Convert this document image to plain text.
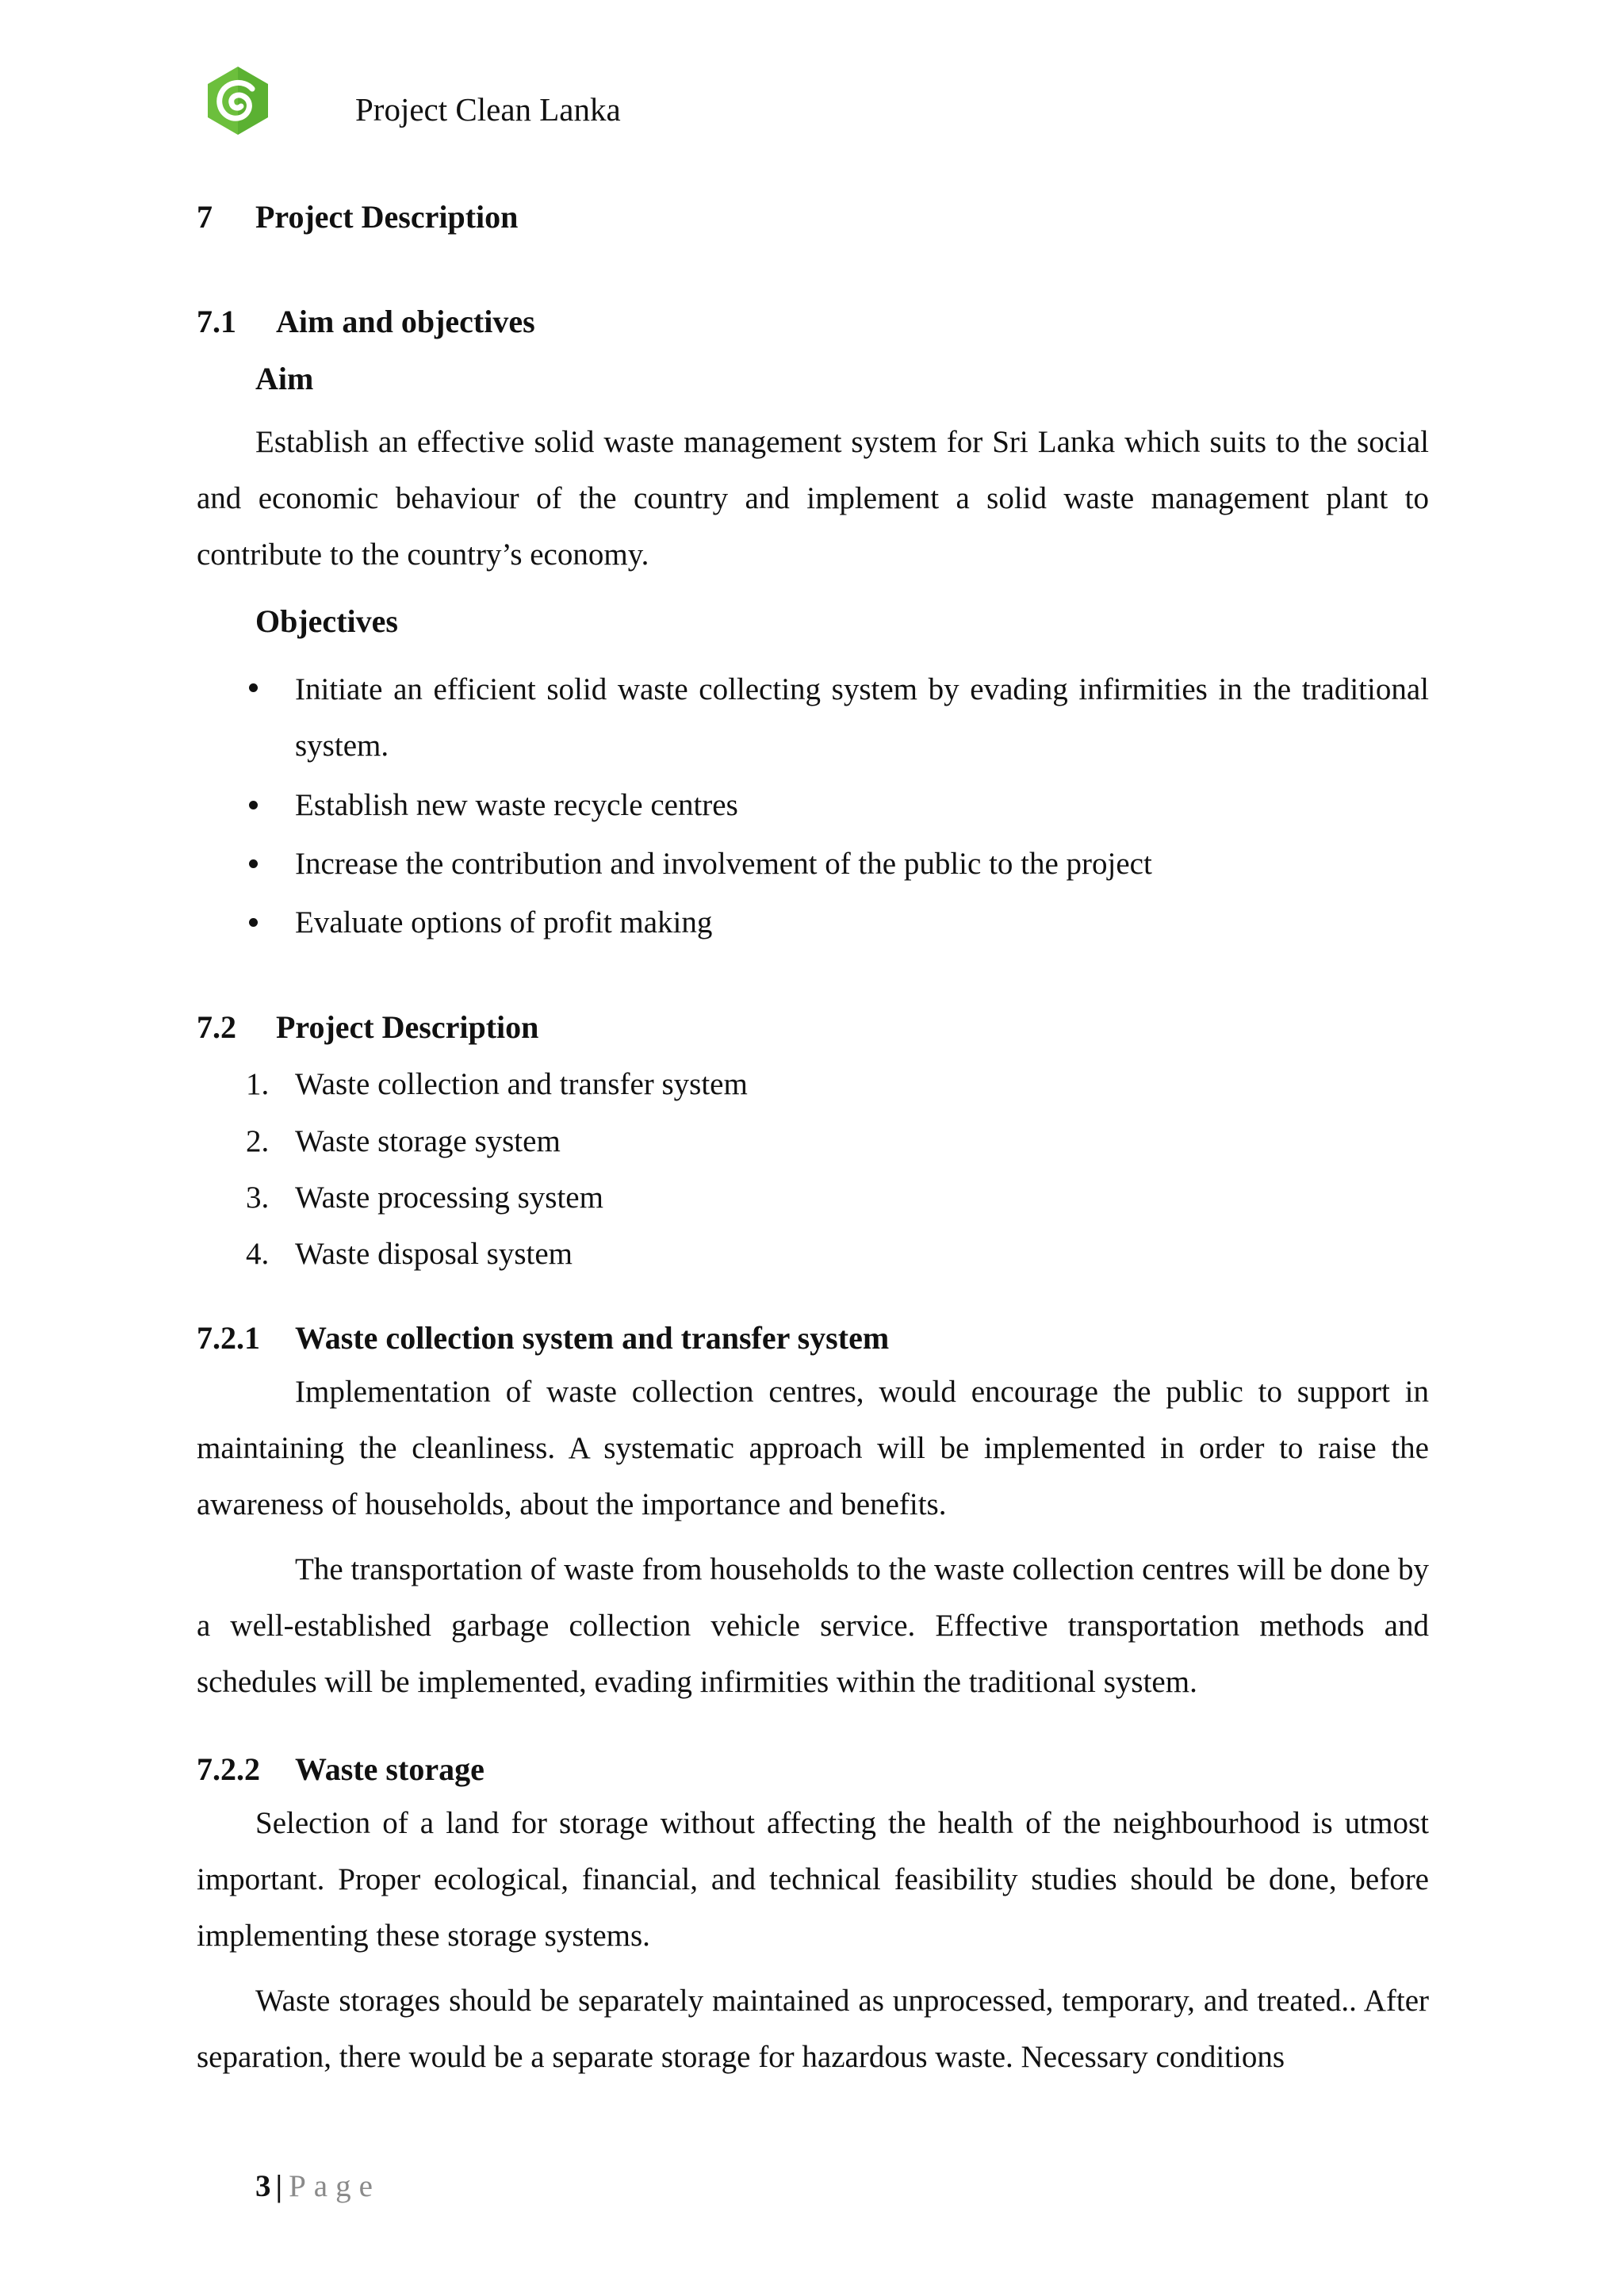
Project Clean Lanka
7 Project Description
7.1 Aim and objectives
Aim

Establish an effective solid waste management system for Sri Lanka which suits to the social and economic behaviour of the country and implement a solid waste management plant to contribute to the country’s economy.

Objectives

Initiate an efficient solid waste collecting system by evading infirmities in the traditional system.

Establish new waste recycle centres
Increase the contribution and involvement of the public to the project
Evaluate options of profit making
7.2 Project Description
1. Waste collection and transfer system
2. Waste storage system
3. Waste processing system
4. Waste disposal system
7.2.1 Waste collection system and transfer system

Implementation of waste collection centres, would encourage the public to support in maintaining the cleanliness. A systematic approach will be implemented in order to raise the awareness of households, about the importance and benefits.

The transportation of waste from households to the waste collection centres will be done by a well-established garbage collection vehicle service. Effective transportation methods and schedules will be implemented, evading infirmities within the traditional system.

7.2.2 Waste storage

Selection of a land for storage without affecting the health of the neighbourhood is utmost important. Proper ecological, financial, and technical feasibility studies should be done, before implementing these storage systems.

Waste storages should be separately maintained as unprocessed, temporary, and treated.. After separation, there would be a separate storage for hazardous waste. Necessary conditions

3 | Page
